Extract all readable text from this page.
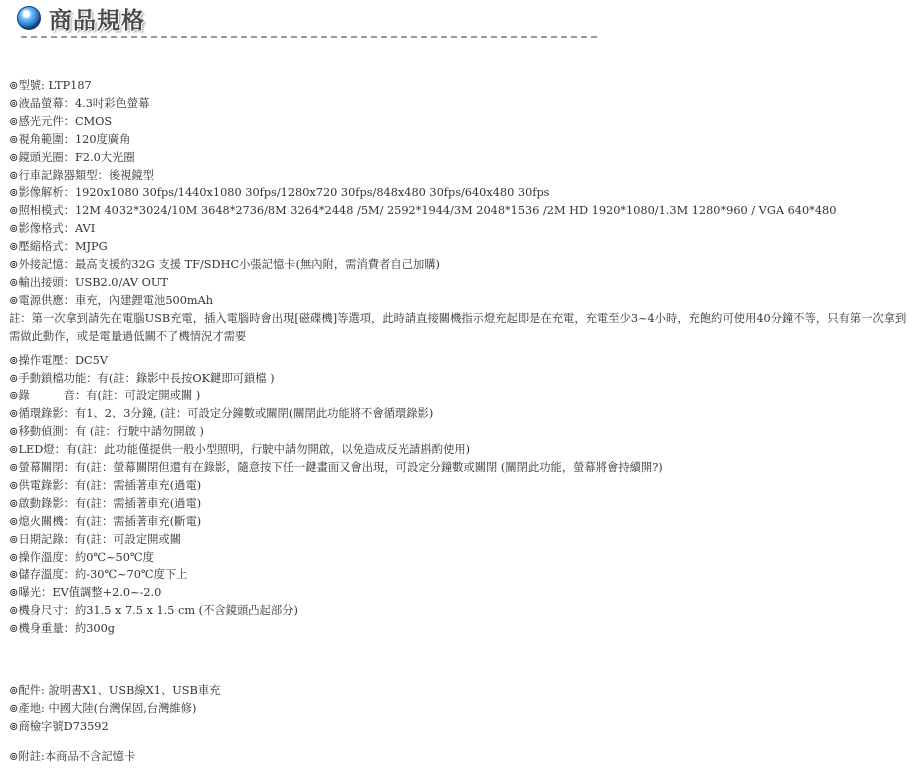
商品規格
⊚型號: LTP187
⊚液晶螢幕：4.3吋彩色螢幕
⊚感光元件：CMOS
⊚視角範圍：120度廣角
⊚鏡頭光圈：F2.0大光圈
⊚行車記錄器類型：後視鏡型
⊚影像解析：1920x1080 30fps/1440x1080 30fps/1280x720 30fps/848x480 30fps/640x480 30fps
⊚照相模式：12M 4032*3024/10M 3648*2736/8M 3264*2448 /5M/ 2592*1944/3M 2048*1536 /2M HD 1920*1080/1.3M 1280*960 / VGA 640*480
⊚影像格式：AVI
⊚壓縮格式：MJPG
⊚外接記憶：最高支援約32G 支援 TF/SDHC小張記憶卡(無內附，需消費者自己加購)
⊚輸出接頭：USB2.0/AV OUT
⊚電源供應：車充，內建鋰電池500mAh
註：第一次拿到請先在電腦USB充電，插入電腦時會出現[磁碟機]等選項，此時請直接關機指示燈充起即是在充電，充電至少3~4小時，充飽約可使用40分鐘不等，只有第一次拿到需做此動作，或是電量過低關不了機情況才需要
⊚操作電壓：DC5V
⊚手動鎖檔功能：有(註：錄影中長按OK鍵即可鎖檔 )
⊚錄　　　音：有(註：可設定開或關 )
⊚循環錄影：有1、2、3分鐘, (註：可設定分鐘數或關閉(關閉此功能將不會循環錄影)
⊚移動偵測：有 (註：行駛中請勿開啟 )
⊚LED燈：有(註：此功能僅提供一般小型照明，行駛中請勿開啟，以免造成反光請斟酌使用)
⊚螢幕關閉：有(註：螢幕關閉但還有在錄影，隨意按下任一鍵畫面又會出現，可設定分鐘數或關閉 (關閉此功能，螢幕將會持續開?)
⊚供電錄影：有(註：需插著車充(過電)
⊚啟動錄影：有(註：需插著車充(過電)
⊚熄火關機：有(註：需插著車充(斷電)
⊚日期記錄：有(註：可設定開或關
⊚操作溫度：約0℃~50℃度
⊚儲存溫度：約-30℃~70℃度下上
⊚曝光：EV值調整+2.0~-2.0
⊚機身尺寸：約31.5 x 7.5 x 1.5 cm (不含鏡頭凸起部分)
⊚機身重量：約300g
⊚配件: 說明書X1、USB線X1、USB車充
⊚產地: 中國大陸(台灣保固,台灣維修)
⊚商檢字號D73592
⊚附註:本商品不含記憶卡
